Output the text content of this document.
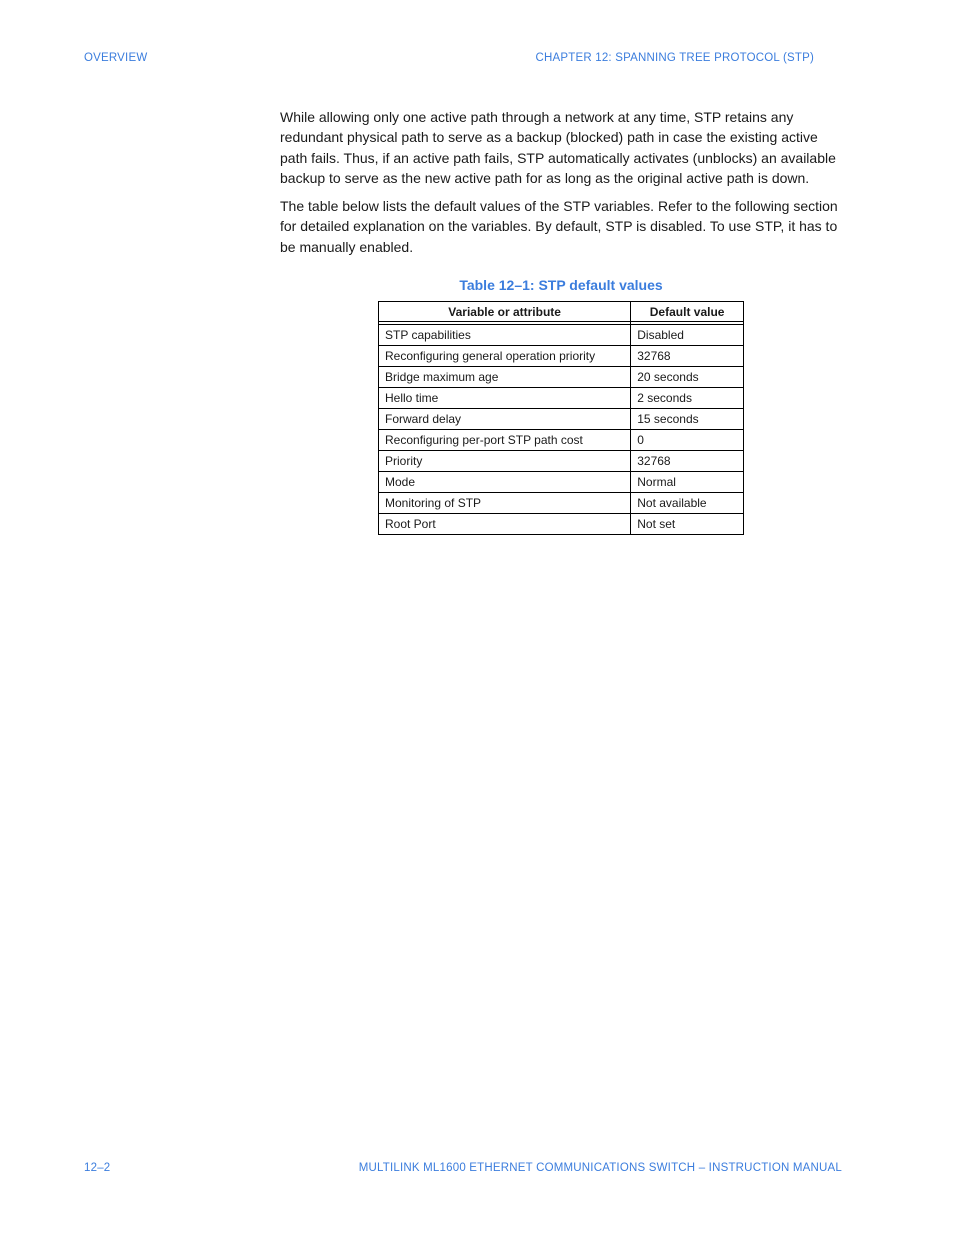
OVERVIEW	CHAPTER 12: SPANNING TREE PROTOCOL (STP)

While allowing only one active path through a network at any time, STP retains any redundant physical path to serve as a backup (blocked) path in case the existing active path fails. Thus, if an active path fails, STP automatically activates (unblocks) an available backup to serve as the new active path for as long as the original active path is down.

The table below lists the default values of the STP variables. Refer to the following section for detailed explanation on the variables. By default, STP is disabled. To use STP, it has to be manually enabled.

Table 12–1: STP default values
Variable or attribute	Default value

STP capabilities	Disabled
Reconfiguring general operation priority	32768
Bridge maximum age	20 seconds
Hello time	2 seconds
Forward delay	15 seconds
Reconfiguring per-port STP path cost	0
Priority	32768
Mode	Normal
Monitoring of STP	Not available
Root Port	Not set
12–2	MULTILINK ML1600 ETHERNET COMMUNICATIONS SWITCH – INSTRUCTION MANUAL
